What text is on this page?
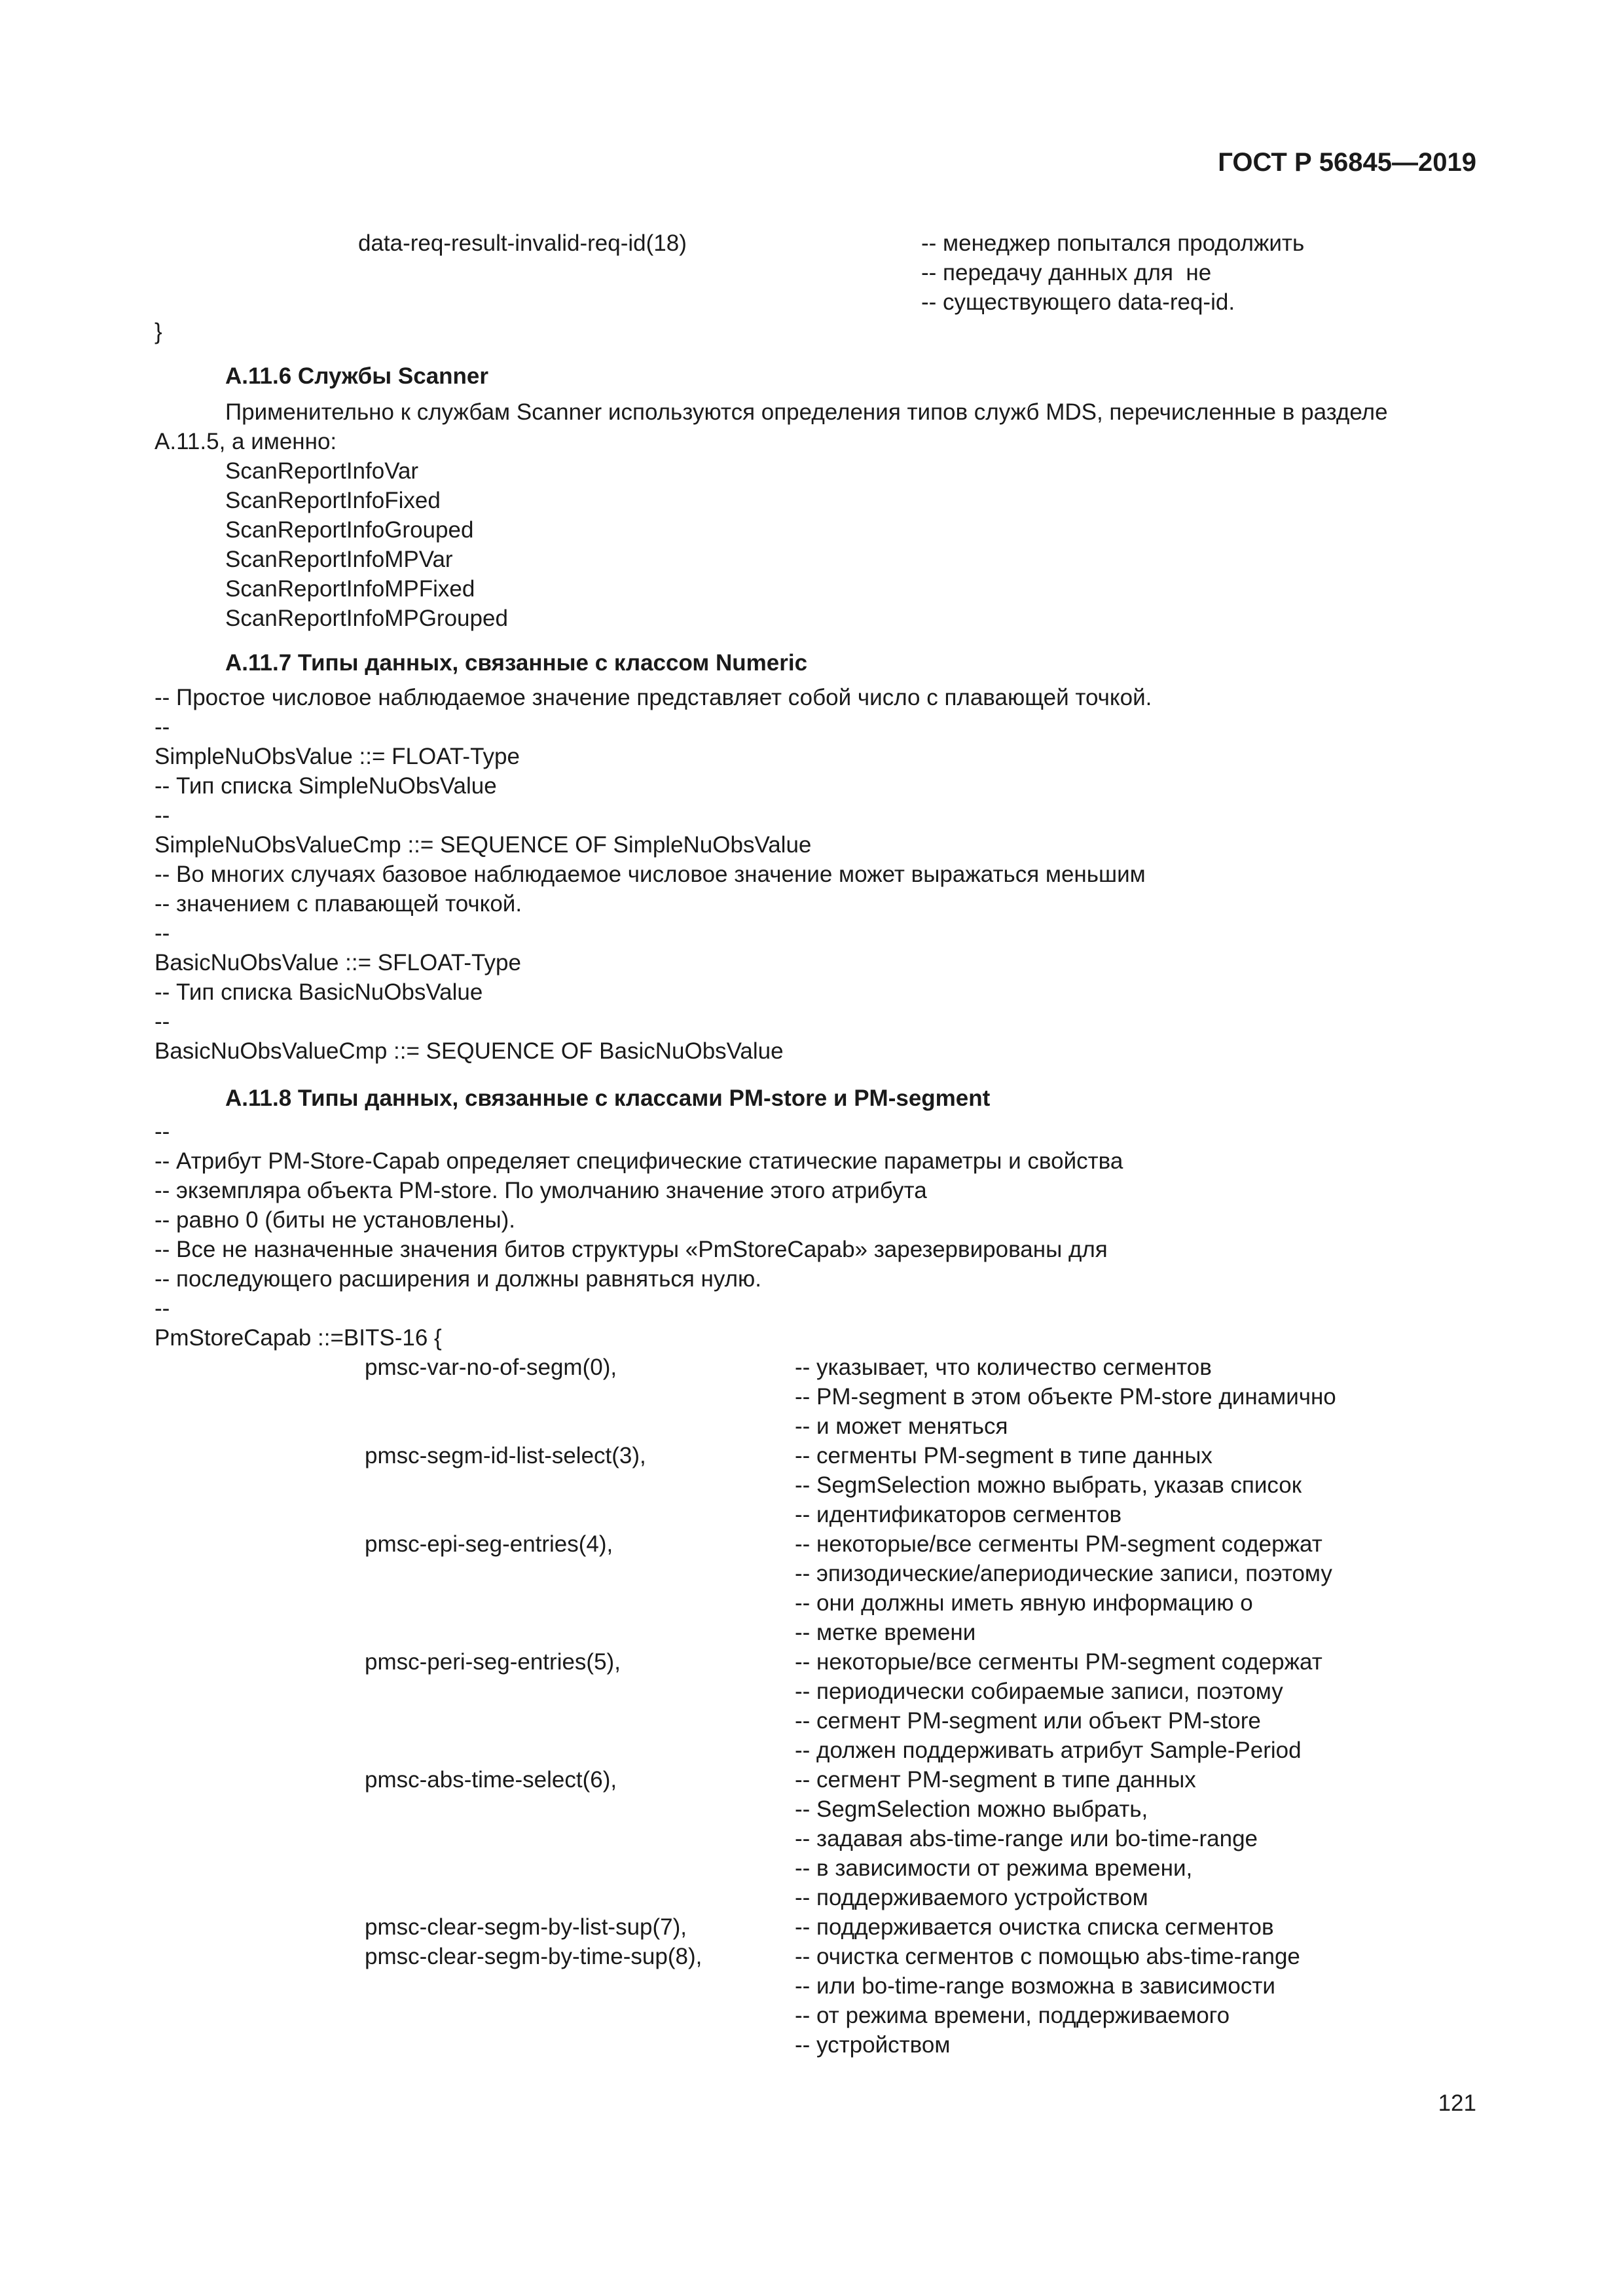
ГОСТ Р 56845—2019
data-req-result-invalid-req-id(18)	-- менеджер попытался продолжить
-- передачу данных для  не
-- существующего data-req-id.
}
A.11.6 Службы Scanner
Применительно к службам Scanner используются определения типов служб MDS, перечисленные в разделе
A.11.5, а именно:
ScanReportInfoVar
ScanReportInfoFixed
ScanReportInfoGrouped
ScanReportInfoMPVar
ScanReportInfoMPFixed
ScanReportInfoMPGrouped
A.11.7 Типы данных, связанные с классом Numeric
-- Простое числовое наблюдаемое значение представляет собой число с плавающей точкой.
--
SimpleNuObsValue ::= FLOAT-Type
-- Тип списка SimpleNuObsValue
--
SimpleNuObsValueCmp ::= SEQUENCE OF SimpleNuObsValue
-- Во многих случаях базовое наблюдаемое числовое значение может выражаться меньшим
-- значением с плавающей точкой.
--
BasicNuObsValue ::= SFLOAT-Type
-- Тип списка BasicNuObsValue
--
BasicNuObsValueCmp ::= SEQUENCE OF BasicNuObsValue
A.11.8 Типы данных, связанные с классами PM-store и PM-segment
--
-- Атрибут PM-Store-Capab определяет специфические статические параметры и свойства
-- экземпляра объекта PM-store. По умолчанию значение этого атрибута
-- равно 0 (биты не установлены).
-- Все не назначенные значения битов структуры «PmStoreCapab» зарезервированы для
-- последующего расширения и должны равняться нулю.
--
PmStoreCapab ::=BITS-16 {
pmsc-var-no-of-segm(0),	-- указывает, что количество сегментов
-- PM-segment в этом объекте PM-store динамично
-- и может меняться
pmsc-segm-id-list-select(3),	-- сегменты PM-segment в типе данных
-- SegmSelection можно выбрать, указав список
-- идентификаторов сегментов
pmsc-epi-seg-entries(4),	-- некоторые/все сегменты PM-segment содержат
-- эпизодические/апериодические записи, поэтому
-- они должны иметь явную информацию о
-- метке времени
pmsc-peri-seg-entries(5),	-- некоторые/все сегменты PM-segment содержат
-- периодически собираемые записи, поэтому
-- сегмент PM-segment или объект PM-store
-- должен поддерживать атрибут Sample-Period
pmsc-abs-time-select(6),	-- сегмент PM-segment в типе данных
-- SegmSelection можно выбрать,
-- задавая abs-time-range или bo-time-range
-- в зависимости от режима времени,
-- поддерживаемого устройством
pmsc-clear-segm-by-list-sup(7),	-- поддерживается очистка списка сегментов
pmsc-clear-segm-by-time-sup(8),	-- очистка сегментов с помощью abs-time-range
-- или bo-time-range возможна в зависимости
-- от режима времени, поддерживаемого
-- устройством
121
